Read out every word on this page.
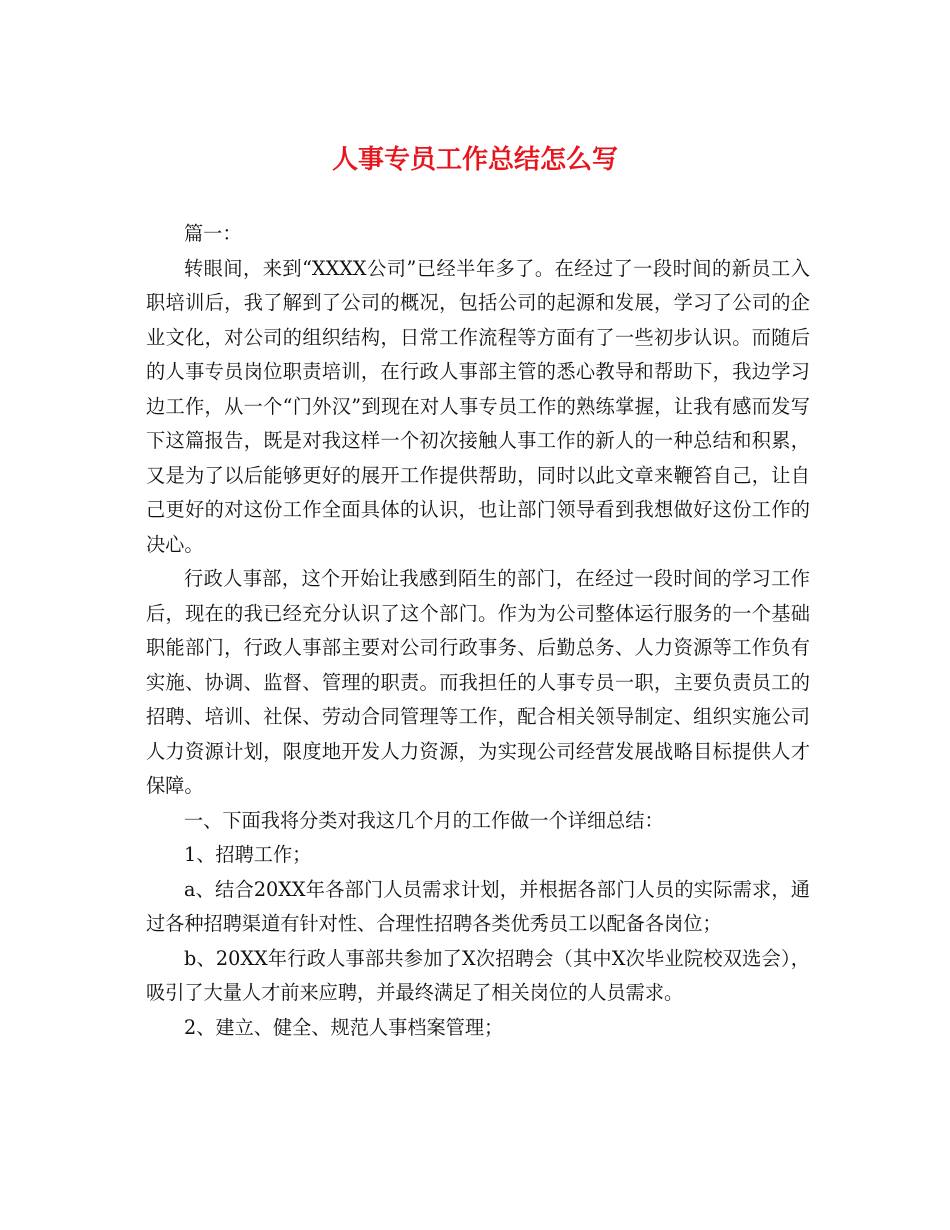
人事专员工作总结怎么写

篇一：

转眼间，来到“XXXX公司”已经半年多了。在经过了一段时间的新员工入职培训后，我了解到了公司的概况，包括公司的起源和发展，学习了公司的企业文化，对公司的组织结构，日常工作流程等方面有了一些初步认识。而随后的人事专员岗位职责培训，在行政人事部主管的悉心教导和帮助下，我边学习边工作，从一个“门外汉”到现在对人事专员工作的熟练掌握，让我有感而发写下这篇报告，既是对我这样一个初次接触人事工作的新人的一种总结和积累，又是为了以后能够更好的展开工作提供帮助，同时以此文章来鞭笞自己，让自己更好的对这份工作全面具体的认识，也让部门领导看到我想做好这份工作的决心。

行政人事部，这个开始让我感到陌生的部门，在经过一段时间的学习工作后，现在的我已经充分认识了这个部门。作为为公司整体运行服务的一个基础职能部门，行政人事部主要对公司行政事务、后勤总务、人力资源等工作负有实施、协调、监督、管理的职责。而我担任的人事专员一职，主要负责员工的招聘、培训、社保、劳动合同管理等工作，配合相关领导制定、组织实施公司人力资源计划，限度地开发人力资源，为实现公司经营发展战略目标提供人才保障。

一、下面我将分类对我这几个月的工作做一个详细总结：

1、招聘工作；

a、结合20XX年各部门人员需求计划，并根据各部门人员的实际需求，通过各种招聘渠道有针对性、合理性招聘各类优秀员工以配备各岗位；

b、20XX年行政人事部共参加了X次招聘会（其中X次毕业院校双选会），吸引了大量人才前来应聘，并最终满足了相关岗位的人员需求。

2、建立、健全、规范人事档案管理；
